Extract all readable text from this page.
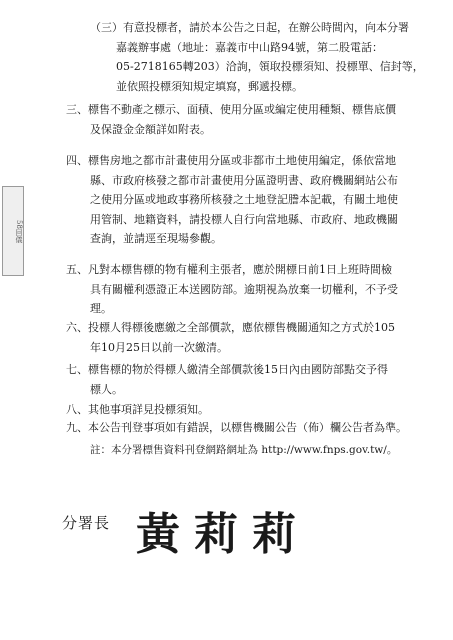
58回儀
（三）有意投標者，請於本公告之日起，在辦公時間內，向本分署
嘉義辦事處（地址：嘉義市中山路94號，第二股電話：
05-2718165轉203）洽詢，領取投標須知、投標單、信封等，
並依照投標須知規定填寫，郵遞投標。
三、標售不動產之標示、面積、使用分區或編定使用種類、標售底價
及保證金金額詳如附表。
四、標售房地之都市計畫使用分區或非都市土地使用編定，係依當地
縣、市政府核發之都市計畫使用分區證明書、政府機關網站公布
之使用分區或地政事務所核發之土地登記謄本記載，有關土地使
用管制、地籍資料，請投標人自行向當地縣、市政府、地政機關
查詢，並請逕至現場參觀。
五、凡對本標售標的物有權利主張者，應於開標日前1日上班時間檢
具有關權利憑證正本送國防部。逾期視為放棄一切權利，不予受
理。
六、投標人得標後應繳之全部價款，應依標售機關通知之方式於105
年10月25日以前一次繳清。
七、標售標的物於得標人繳清全部價款後15日內由國防部點交予得
標人。
八、其他事項詳見投標須知。
九、本公告刊登事項如有錯誤，以標售機關公告（佈）欄公告者為準。
註：本分署標售資料刊登網路網址為 http://www.fnps.gov.tw/。
分署長 黃莉莉
